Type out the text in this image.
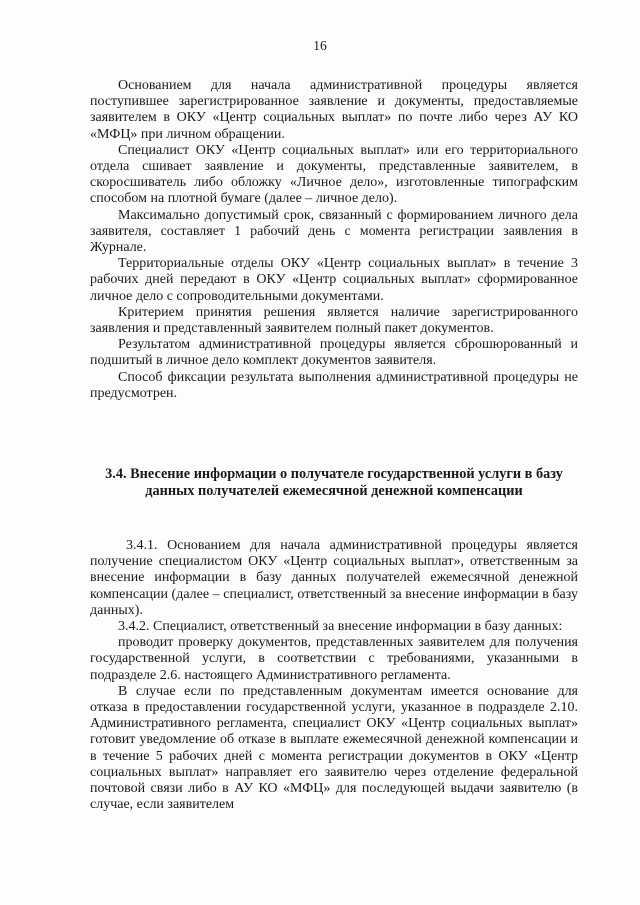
16

Основанием для начала административной процедуры является поступившее зарегистрированное заявление и документы, предоставляемые заявителем в ОКУ «Центр социальных выплат» по почте либо через АУ КО «МФЦ» при личном обращении.

Специалист ОКУ «Центр социальных выплат» или его территориального отдела сшивает заявление и документы, представленные заявителем, в скоросшиватель либо обложку «Личное дело», изготовленные типографским способом на плотной бумаге (далее – личное дело).

Максимально допустимый срок, связанный с формированием личного дела заявителя, составляет 1 рабочий день с момента регистрации заявления в Журнале.

Территориальные отделы ОКУ «Центр социальных выплат» в течение 3 рабочих дней передают в ОКУ «Центр социальных выплат» сформированное личное дело с сопроводительными документами.

Критерием принятия решения является наличие зарегистрированного заявления и представленный заявителем полный пакет документов.

Результатом административной процедуры является сброшюрованный и подшитый в личное дело комплект документов заявителя.

Способ фиксации результата выполнения административной процедуры не предусмотрен.

3.4. Внесение информации о получателе государственной услуги в базу данных получателей ежемесячной денежной компенсации

3.4.1. Основанием для начала административной процедуры является получение специалистом ОКУ «Центр социальных выплат», ответственным за внесение информации в базу данных получателей ежемесячной денежной компенсации (далее – специалист, ответственный за внесение информации в базу данных).

3.4.2. Специалист, ответственный за внесение информации в базу данных:

проводит проверку документов, представленных заявителем для получения государственной услуги, в соответствии с требованиями, указанными в подразделе 2.6. настоящего Административного регламента.

В случае если по представленным документам имеется основание для отказа в предоставлении государственной услуги, указанное в подразделе 2.10. Административного регламента, специалист ОКУ «Центр социальных выплат» готовит уведомление об отказе в выплате ежемесячной денежной компенсации и в течение 5 рабочих дней с момента регистрации документов в ОКУ «Центр социальных выплат» направляет его заявителю через отделение федеральной почтовой связи либо в АУ КО «МФЦ» для последующей выдачи заявителю (в случае, если заявителем
